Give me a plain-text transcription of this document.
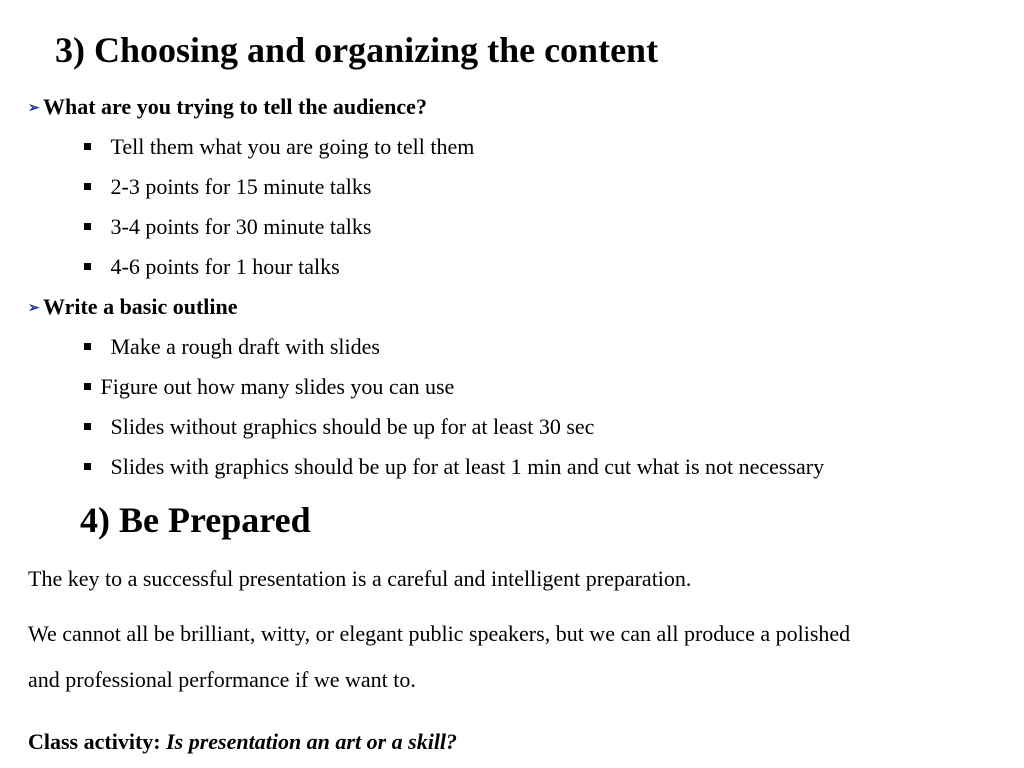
3) Choosing and organizing the content
➢ What are you trying to tell the audience?
Tell them what you are going to tell them
2-3 points for 15 minute talks
3-4 points for 30 minute talks
4-6 points for 1 hour talks
➢ Write a basic outline
Make a rough draft with slides
Figure out how many slides you can use
Slides without graphics should be up for at least 30 sec
Slides with graphics should be up for at least 1 min and cut what is not necessary
4) Be Prepared
The key to a successful presentation is a careful and intelligent preparation.
We cannot all be brilliant, witty, or elegant public speakers, but we can all produce a polished
and professional performance if we want to.
Class activity: Is presentation an art or a skill?
